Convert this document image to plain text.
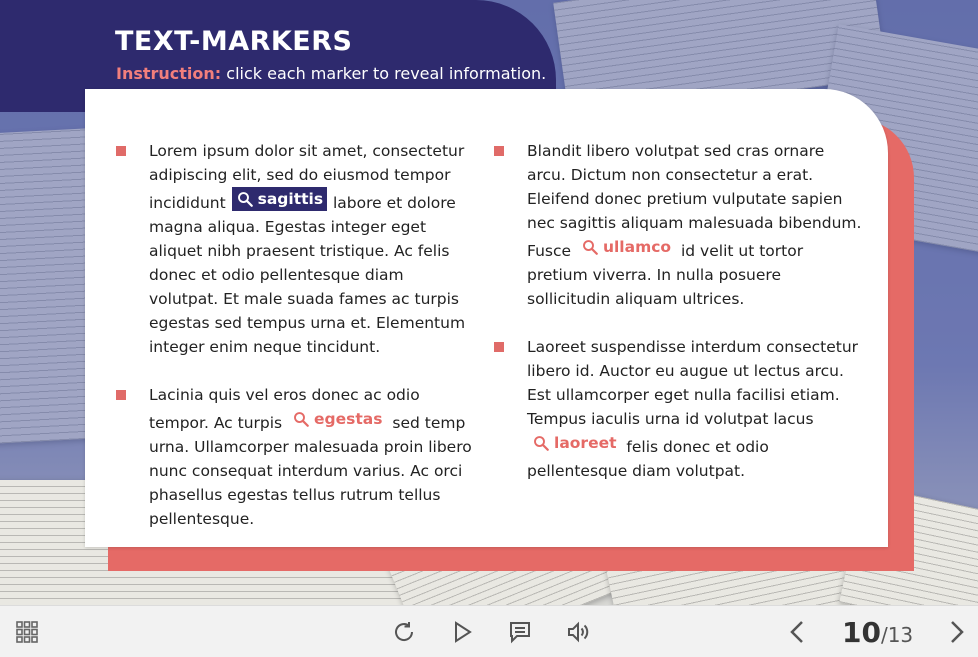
TEXT-MARKERS
Instruction: click each marker to reveal information.
Lorem ipsum dolor sit amet, consectetur adipiscing elit, sed do eiusmod tempor incididunt sagittis labore et dolore magna aliqua. Egestas integer eget aliquet nibh praesent tristique. Ac felis donec et odio pellentesque diam volutpat. Et male suada fames ac turpis egestas sed tempus urna et. Elementum integer enim neque tincidunt.
Lacinia quis vel eros donec ac odio tempor. Ac turpis egestas sed temp urna. Ullamcorper malesuada proin libero nunc consequat interdum varius. Ac orci phasellus egestas tellus rutrum tellus pellentesque.
Blandit libero volutpat sed cras ornare arcu. Dictum non consectetur a erat. Eleifend donec pretium vulputate sapien nec sagittis aliquam malesuada bibendum. Fusce ullamco id velit ut tortor pretium viverra. In nulla posuere sollicitudin aliquam ultrices.
Laoreet suspendisse interdum consectetur libero id. Auctor eu augue ut lectus arcu. Est ullamcorper eget nulla facilisi etiam. Tempus iaculis urna id volutpat lacus
laoreet felis donec et odio pellentesque diam volutpat.
10/13
